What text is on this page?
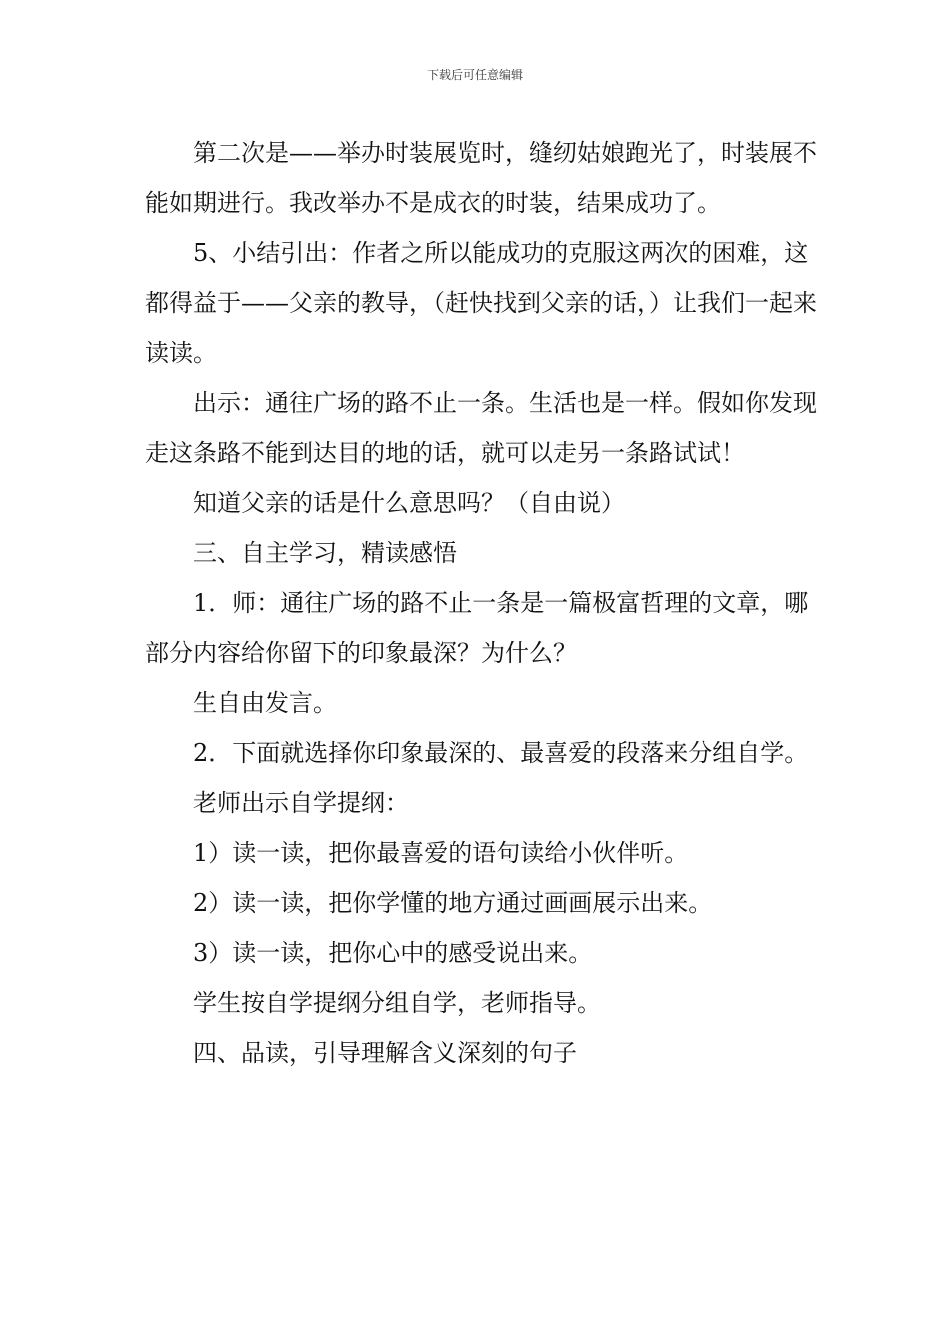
下载后可任意编辑

第二次是——举办时装展览时，缝纫姑娘跑光了，时装展不能如期进行。我改举办不是成衣的时装，结果成功了。

5、小结引出：作者之所以能成功的克服这两次的困难，这都得益于——父亲的教导，（赶快找到父亲的话，）让我们一起来读读。

出示：通往广场的路不止一条。生活也是一样。假如你发现走这条路不能到达目的地的话，就可以走另一条路试试！

知道父亲的话是什么意思吗？（自由说）

三、自主学习，精读感悟

1．师：通往广场的路不止一条是一篇极富哲理的文章，哪部分内容给你留下的印象最深？为什么？

生自由发言。

2．下面就选择你印象最深的、最喜爱的段落来分组自学。

老师出示自学提纲：

1）读一读，把你最喜爱的语句读给小伙伴听。

2）读一读，把你学懂的地方通过画画展示出来。

3）读一读，把你心中的感受说出来。

学生按自学提纲分组自学，老师指导。

四、品读，引导理解含义深刻的句子
